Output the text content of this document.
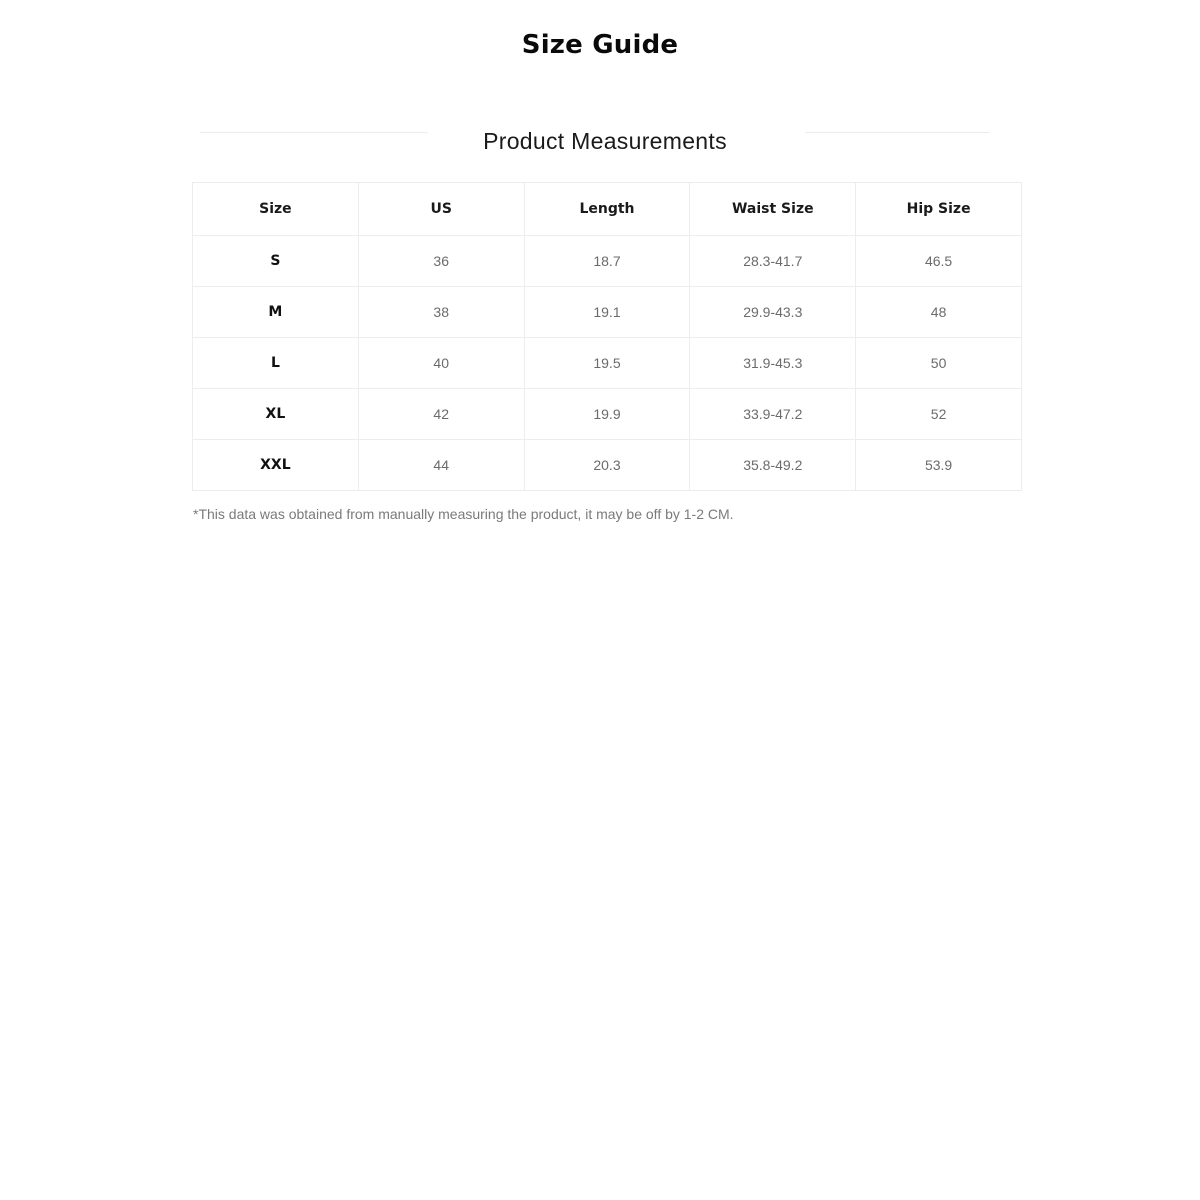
Size Guide
Product Measurements
Size	US	Length	Waist Size	Hip Size
S	36	18.7	28.3-41.7	46.5
M	38	19.1	29.9-43.3	48
L	40	19.5	31.9-45.3	50
XL	42	19.9	33.9-47.2	52
XXL	44	20.3	35.8-49.2	53.9
*This data was obtained from manually measuring the product, it may be off by 1-2 CM.
